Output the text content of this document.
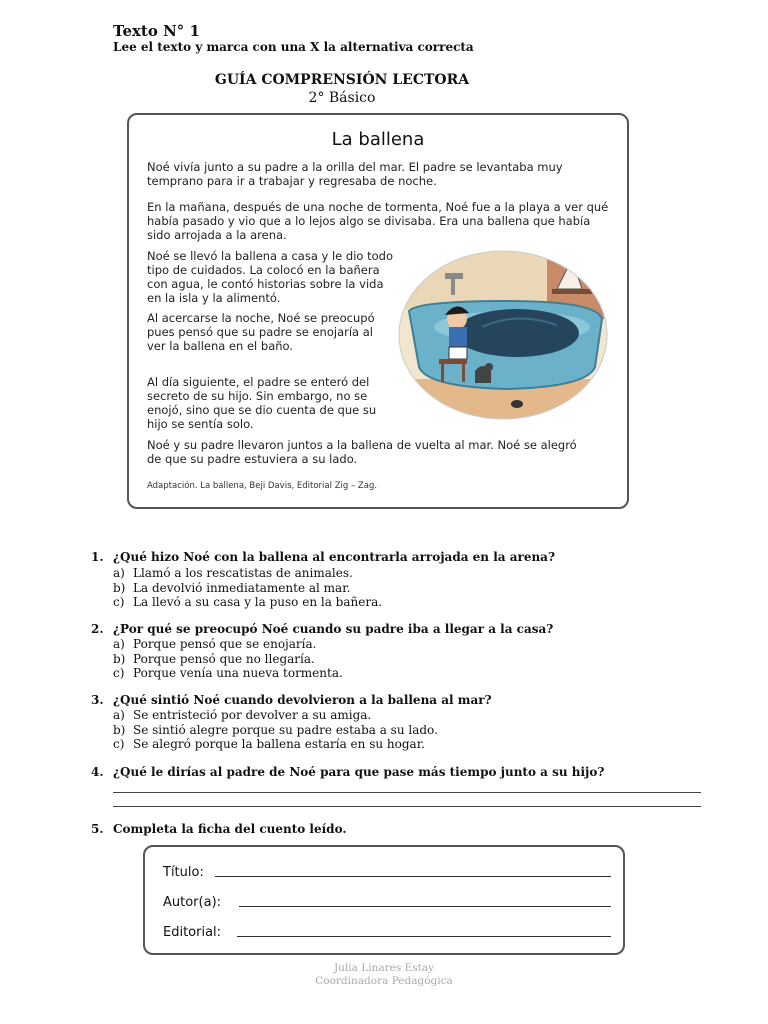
Texto N° 1
Lee el texto y marca con una X la alternativa correcta
GUÍA COMPRENSIÓN LECTORA
2° Básico
La ballena
Noé vivía junto a su padre a la orilla del mar. El padre se levantaba muy temprano para ir a trabajar y regresaba de noche.
En la mañana, después de una noche de tormenta, Noé fue a la playa a ver qué había pasado y vio que a lo lejos algo se divisaba. Era una ballena que había sido arrojada a la arena.
Noé se llevó la ballena a casa y le dio todo tipo de cuidados. La colocó en la bañera con agua, le contó historias sobre la vida en la isla y la alimentó.
Al acercarse la noche, Noé se preocupó pues pensó que su padre se enojaría al ver la ballena en el baño.
Al día siguiente, el padre se enteró del secreto de su hijo. Sin embargo, no se enojó, sino que se dio cuenta de que su hijo se sentía solo.
Noé y su padre llevaron juntos a la ballena de vuelta al mar. Noé se alegró de que su padre estuviera a su lado.
Adaptación. La ballena, Beji Davis, Editorial Zig – Zag.
1. ¿Qué hizo Noé con la ballena al encontrarla arrojada en la arena?
a) Llamó a los rescatistas de animales.
b) La devolvió inmediatamente al mar.
c) La llevó a su casa y la puso en la bañera.
2. ¿Por qué se preocupó Noé cuando su padre iba a llegar a la casa?
a) Porque pensó que se enojaría.
b) Porque pensó que no llegaría.
c) Porque venía una nueva tormenta.
3. ¿Qué sintió Noé cuando devolvieron a la ballena al mar?
a) Se entristeció por devolver a su amiga.
b) Se sintió alegre porque su padre estaba a su lado.
c) Se alegró porque la ballena estaría en su hogar.
4. ¿Qué le dirías al padre de Noé para que pase más tiempo junto a su hijo?
5. Completa la ficha del cuento leído.
Título:
Autor(a):
Editorial:
Julia Linares Estay
Coordinadora Pedagógica
